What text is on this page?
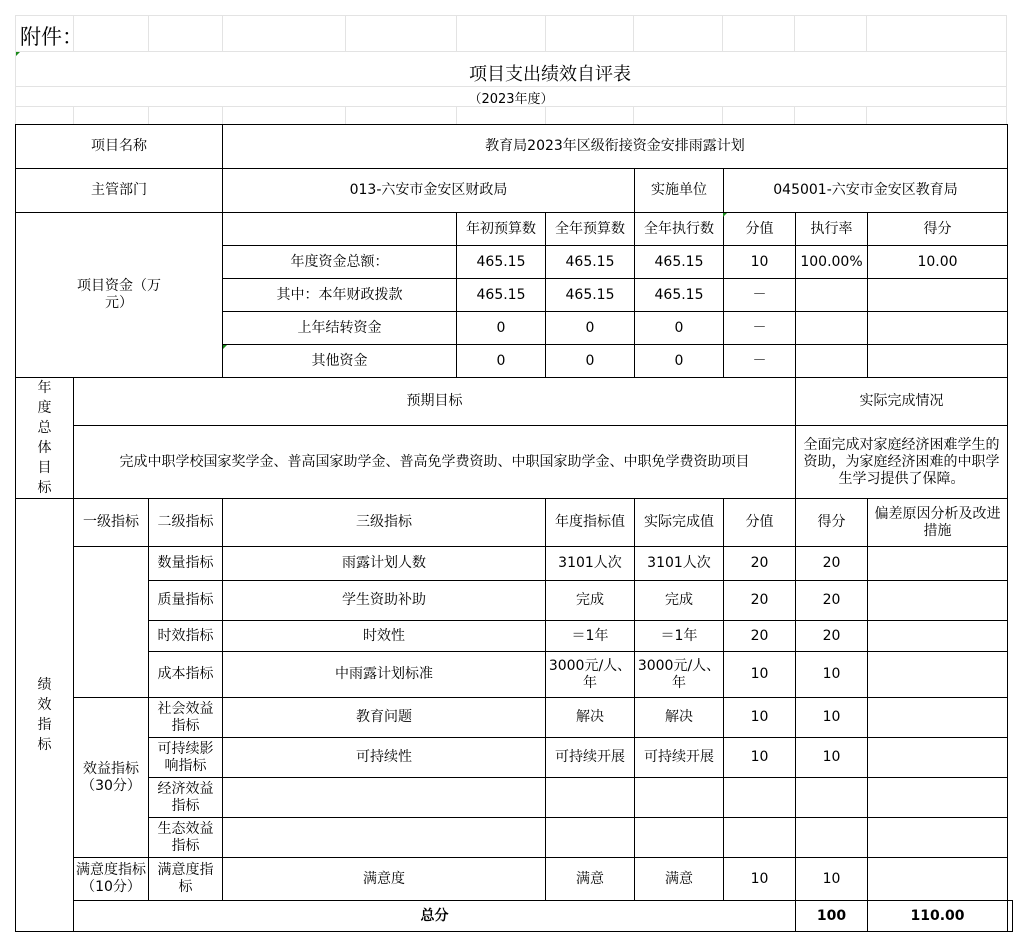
附件：
项目支出绩效自评表
（2023年度）
项目名称			教育局2023年区级衔接资金安排雨露计划							
主管部门			013-六安市金安区财政局			实施单位	045001-六安市金安区教育局			
项目资金（万元）				年初预算数	全年预算数	全年执行数	分值	执行率	得分	
			年度资金总额：	465.15	465.15	465.15	10	100.00%	10.00	
			其中：本年财政拨款	465.15	465.15	465.15	－			
			上年结转资金	0	0	0	－			
			其他资金	0	0	0	－			
年度总体目标	预期目标							实际完成情况		
	完成中职学校国家奖学金、普高国家助学金、普高免学费资助、中职国家助学金、中职免学费资助项目							全面完成对家庭经济困难学生的资助，为家庭经济困难的中职学生学习提供了保障。		
绩效指标	一级指标	二级指标	三级指标		年度指标值	实际完成值	分值	得分	偏差原因分析及改进措施	
		数量指标	雨露计划人数		3101人次	3101人次	20	20		
		质量指标	学生资助补助		完成	完成	20	20		
		时效指标	时效性		＝1年	＝1年	20	20		
		成本指标	中雨露计划标准		3000元/人、年	3000元/人、年	10	10		
	效益指标（30分）	社会效益指标	教育问题		解决	解决	10	10		
		可持续影响指标	可持续性		可持续开展	可持续开展	10	10		
		经济效益指标								
		生态效益指标								
	满意度指标（10分）	满意度指标	满意度		满意	满意	10	10		
	总分							100	110.00	
